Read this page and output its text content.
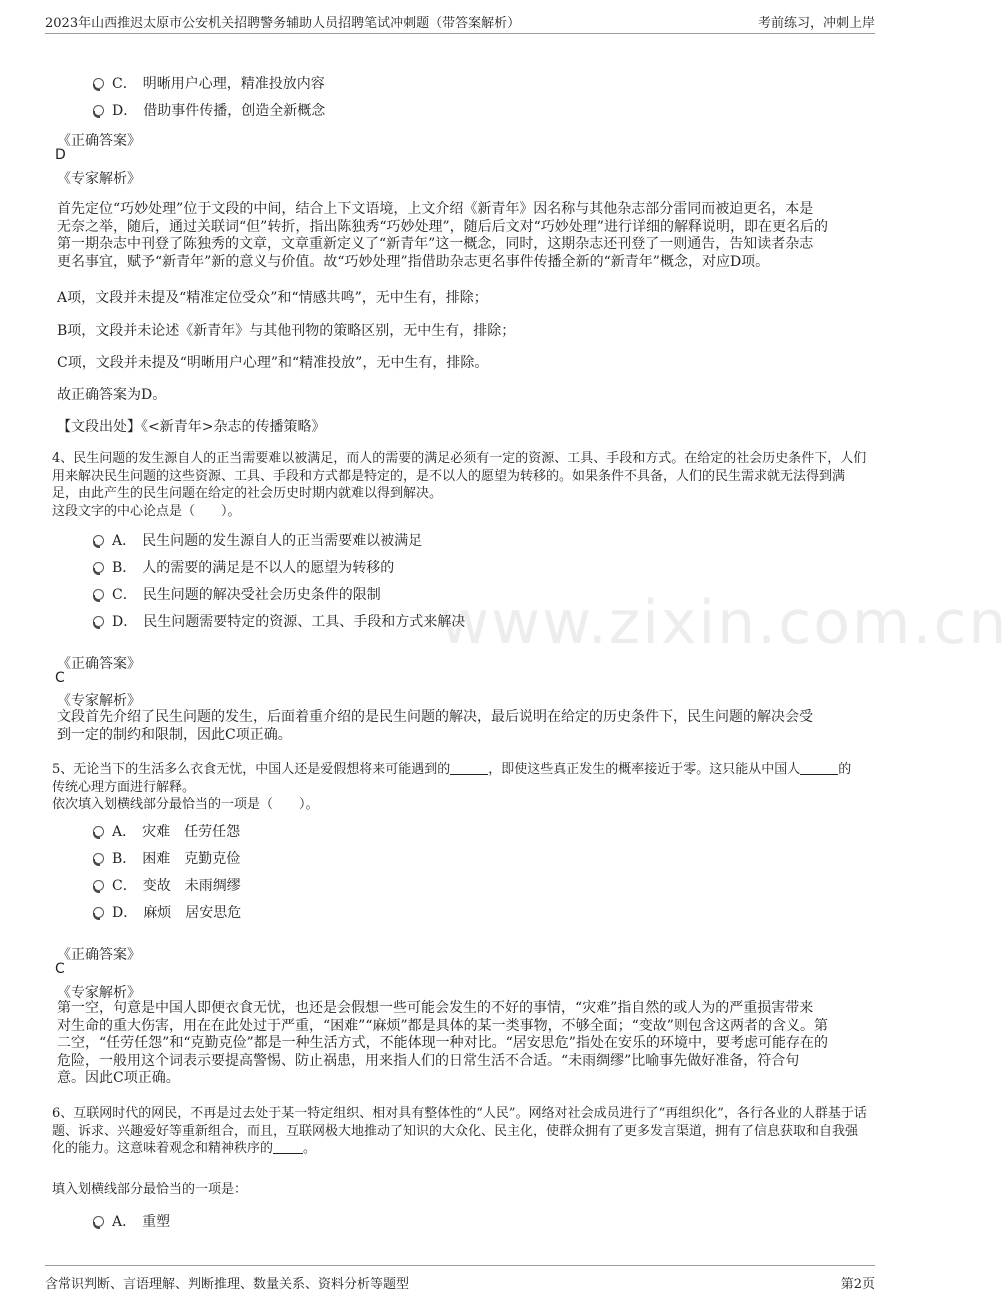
2023年山西推迟太原市公安机关招聘警务辅助人员招聘笔试冲刺题（带答案解析）	考前练习，冲刺上岸
www.zixin.com.cn
C． 明晰用户心理，精准投放内容
D． 借助事件传播，创造全新概念
《正确答案》
D
《专家解析》
首先定位“巧妙处理”位于文段的中间，结合上下文语境，上文介绍《新青年》因名称与其他杂志部分雷同而被迫更名，本是
无奈之举，随后，通过关联词“但”转折，指出陈独秀“巧妙处理”，随后后文对“巧妙处理”进行详细的解释说明，即在更名后的
第一期杂志中刊登了陈独秀的文章，文章重新定义了“新青年”这一概念，同时，这期杂志还刊登了一则通告，告知读者杂志
更名事宜，赋予“新青年”新的意义与价值。故“巧妙处理”指借助杂志更名事件传播全新的“新青年”概念，对应D项。
A项，文段并未提及“精准定位受众”和“情感共鸣”，无中生有，排除；
B项，文段并未论述《新青年》与其他刊物的策略区别，无中生有，排除；
C项，文段并未提及“明晰用户心理”和“精准投放”，无中生有，排除。
故正确答案为D。
【文段出处】《<新青年>杂志的传播策略》
4、民生问题的发生源自人的正当需要难以被满足，而人的需要的满足必须有一定的资源、工具、手段和方式。在给定的社会历史条件下，人们
用来解决民生问题的这些资源、工具、手段和方式都是特定的，是不以人的愿望为转移的。如果条件不具备，人们的民生需求就无法得到满
足，由此产生的民生问题在给定的社会历史时期内就难以得到解决。
这段文字的中心论点是（　　）。
A． 民生问题的发生源自人的正当需要难以被满足
B． 人的需要的满足是不以人的愿望为转移的
C． 民生问题的解决受社会历史条件的限制
D． 民生问题需要特定的资源、工具、手段和方式来解决
《正确答案》
C
《专家解析》
文段首先介绍了民生问题的发生，后面着重介绍的是民生问题的解决，最后说明在给定的历史条件下，民生问题的解决会受
到一定的制约和限制，因此C项正确。
5、无论当下的生活多么衣食无忧，中国人还是爱假想将来可能遇到的	，即使这些真正发生的概率接近于零。这只能从中国人	的
传统心理方面进行解释。
依次填入划横线部分最恰当的一项是（　　）。
A． 灾难　任劳任怨
B． 困难　克勤克俭
C． 变故　未雨绸缪
D． 麻烦　居安思危
《正确答案》
C
《专家解析》
第一空，句意是中国人即便衣食无忧，也还是会假想一些可能会发生的不好的事情，“灾难”指自然的或人为的严重损害带来
对生命的重大伤害，用在在此处过于严重，“困难”“麻烦”都是具体的某一类事物，不够全面；“变故”则包含这两者的含义。第
二空，“任劳任怨”和“克勤克俭”都是一种生活方式，不能体现一种对比。“居安思危”指处在安乐的环境中，要考虑可能存在的
危险，一般用这个词表示要提高警惕、防止祸患，用来指人们的日常生活不合适。“未雨绸缪”比喻事先做好准备，符合句
意。因此C项正确。
6、互联网时代的网民，不再是过去处于某一特定组织、相对具有整体性的“人民”。网络对社会成员进行了“再组织化”，各行各业的人群基于话
题、诉求、兴趣爱好等重新组合，而且，互联网极大地推动了知识的大众化、民主化，使群众拥有了更多发言渠道，拥有了信息获取和自我强
化的能力。这意味着观念和精神秩序的 。
填入划横线部分最恰当的一项是：
A． 重塑
含常识判断、言语理解、判断推理、数量关系、资料分析等题型	第2页
